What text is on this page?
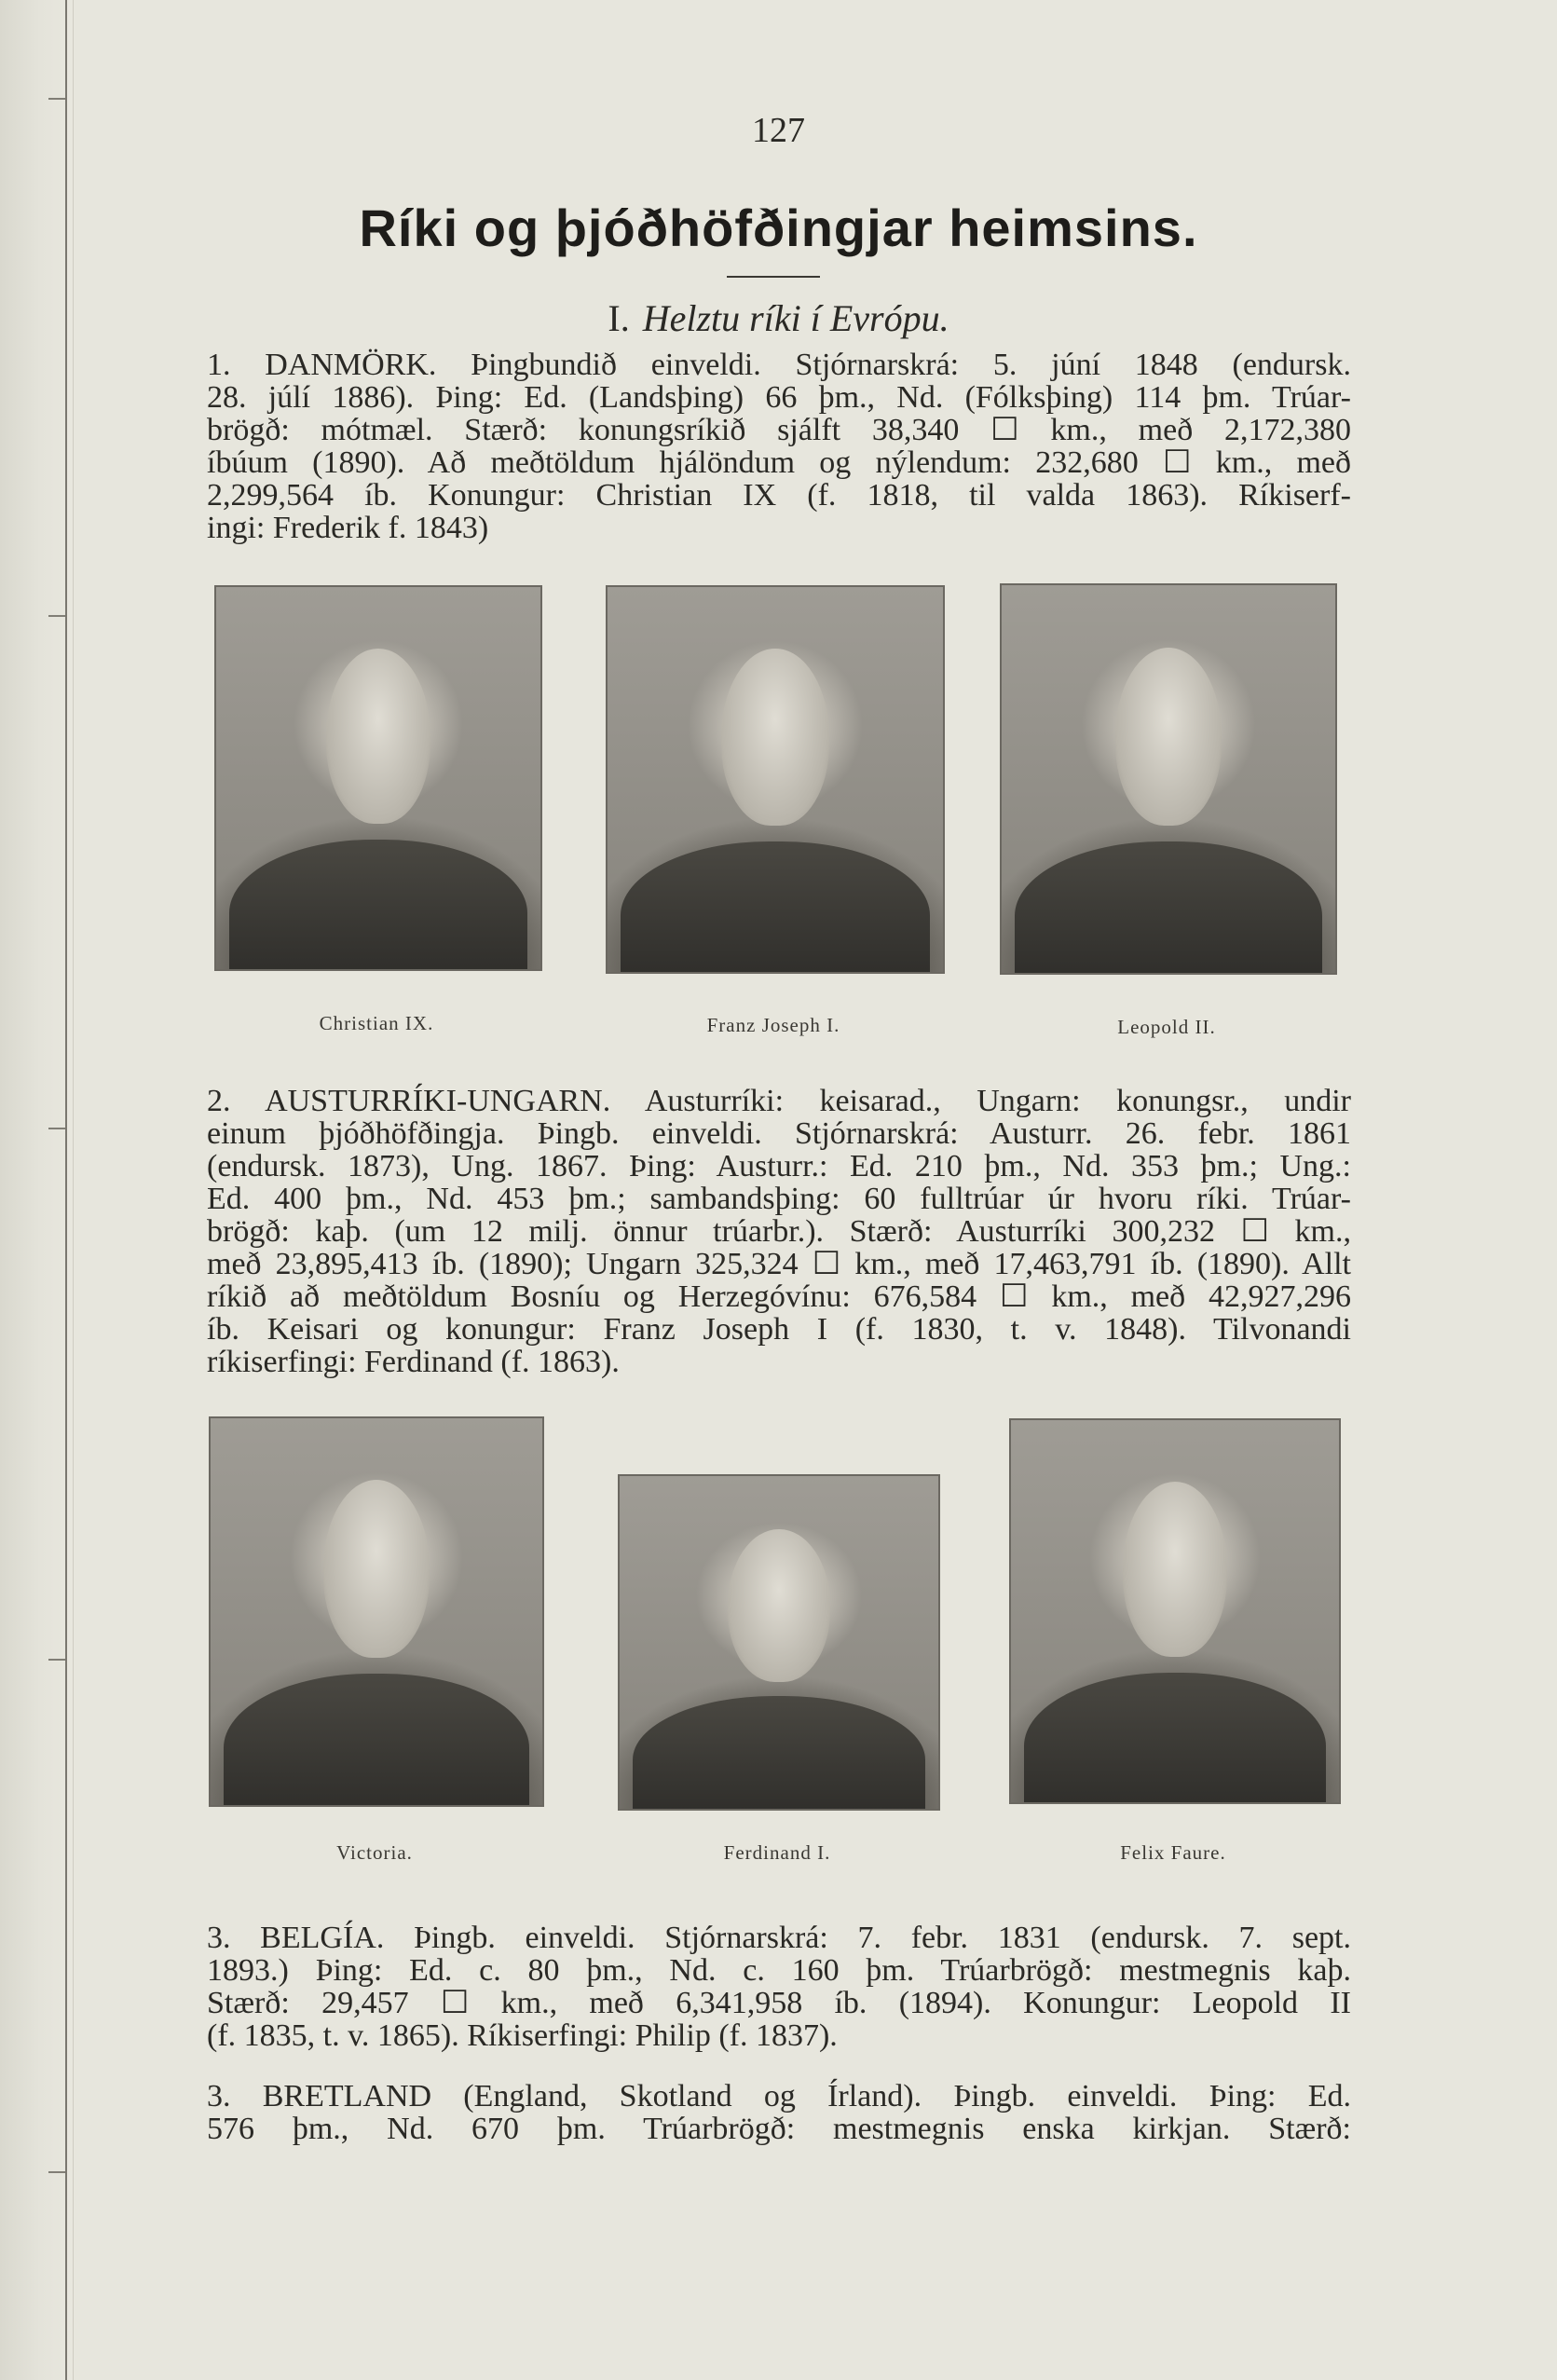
127
Ríki og þjóðhöfðingjar heimsins.
I. Helztu ríki í Evrópu.

1. DANMÖRK. Þingbundið einveldi. Stjórnarskrá: 5. júní 1848 (endursk.
28. júlí 1886). Þing: Ed. (Landsþing) 66 þm., Nd. (Fólksþing) 114 þm. Trúar-
brögð: mótmæl. Stærð: konungsríkið sjálft 38,340 ☐ km., með 2,172,380
íbúum (1890). Að meðtöldum hjálöndum og nýlendum: 232,680 ☐ km., með
2,299,564 íb. Konungur: Christian IX (f. 1818, til valda 1863). Ríkiserf-
ingi: Frederik f. 1843)

Christian IX.	Franz Joseph I.	Leopold II.

2. AUSTURRÍKI-UNGARN. Austurríki: keisarad., Ungarn: konungsr., undir
einum þjóðhöfðingja. Þingb. einveldi. Stjórnarskrá: Austurr. 26. febr. 1861
(endursk. 1873), Ung. 1867. Þing: Austurr.: Ed. 210 þm., Nd. 353 þm.; Ung.:
Ed. 400 þm., Nd. 453 þm.; sambandsþing: 60 fulltrúar úr hvoru ríki. Trúar-
brögð: kaþ. (um 12 milj. önnur trúarbr.). Stærð: Austurríki 300,232 ☐ km.,
með 23,895,413 íb. (1890); Ungarn 325,324 ☐ km., með 17,463,791 íb. (1890). Allt
ríkið að meðtöldum Bosníu og Herzegóvínu: 676,584 ☐ km., með 42,927,296
íb. Keisari og konungur: Franz Joseph I (f. 1830, t. v. 1848). Tilvonandi
ríkiserfingi: Ferdinand (f. 1863).

Victoria.	Ferdinand I.	Felix Faure.

3. BELGÍA. Þingb. einveldi. Stjórnarskrá: 7. febr. 1831 (endursk. 7. sept.
1893.) Þing: Ed. c. 80 þm., Nd. c. 160 þm. Trúarbrögð: mestmegnis kaþ.
Stærð: 29,457 ☐ km., með 6,341,958 íb. (1894). Konungur: Leopold II
(f. 1835, t. v. 1865). Ríkiserfingi: Philip (f. 1837).

3. BRETLAND (England, Skotland og Írland). Þingb. einveldi. Þing: Ed.
576 þm., Nd. 670 þm. Trúarbrögð: mestmegnis enska kirkjan. Stærð:
